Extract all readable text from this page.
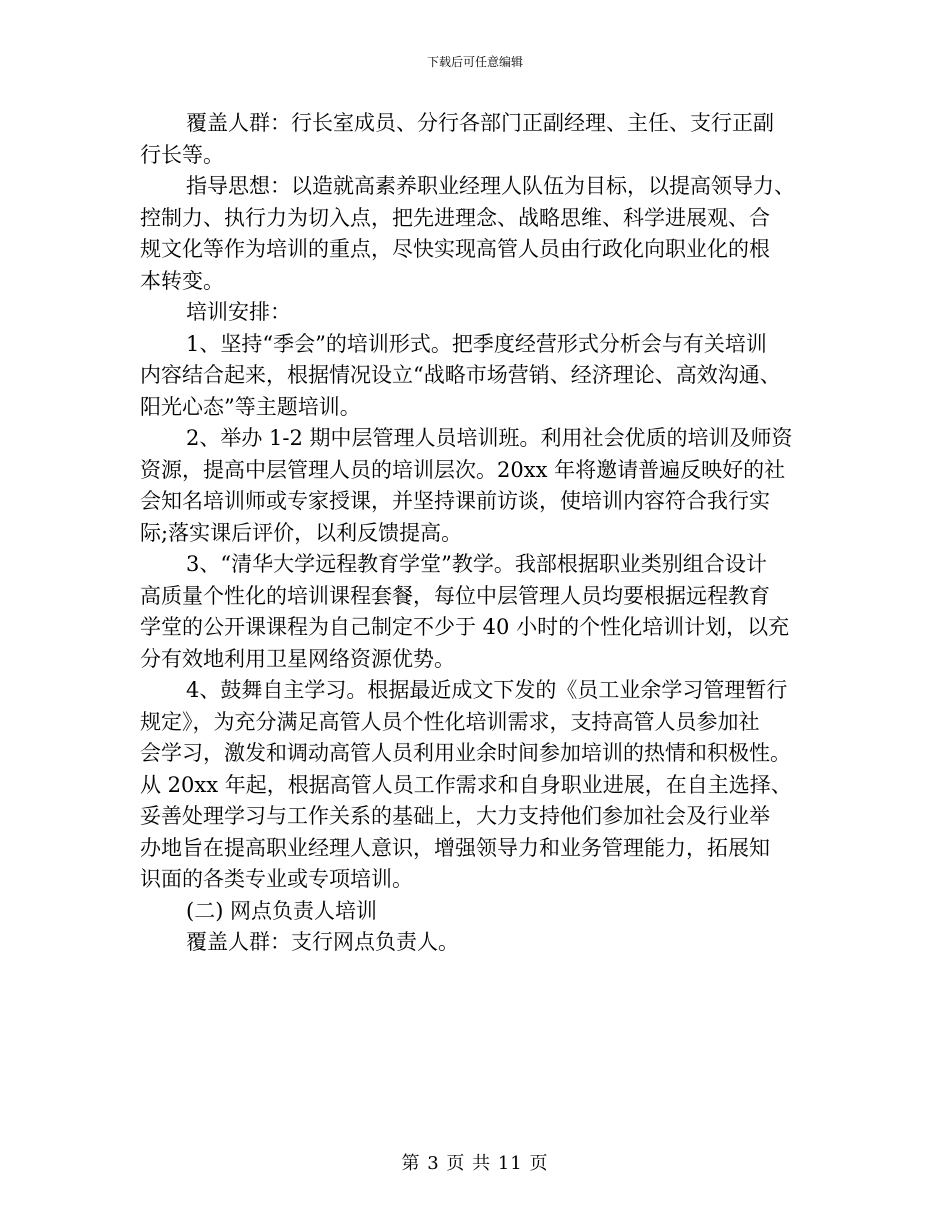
下载后可任意编辑

覆盖人群：行长室成员、分行各部门正副经理、主任、支行正副
行长等。

指导思想：以造就高素养职业经理人队伍为目标，以提高领导力、
控制力、执行力为切入点，把先进理念、战略思维、科学进展观、合
规文化等作为培训的重点，尽快实现高管人员由行政化向职业化的根
本转变。

培训安排：

1、坚持“季会”的培训形式。把季度经营形式分析会与有关培训
内容结合起来，根据情况设立“战略市场营销、经济理论、高效沟通、
阳光心态”等主题培训。

2、举办 1-2 期中层管理人员培训班。利用社会优质的培训及师资
资源，提高中层管理人员的培训层次。20xx 年将邀请普遍反映好的社
会知名培训师或专家授课，并坚持课前访谈，使培训内容符合我行实
际;落实课后评价，以利反馈提高。

3、“清华大学远程教育学堂”教学。我部根据职业类别组合设计
高质量个性化的培训课程套餐，每位中层管理人员均要根据远程教育
学堂的公开课课程为自己制定不少于 40 小时的个性化培训计划，以充
分有效地利用卫星网络资源优势。

4、鼓舞自主学习。根据最近成文下发的《员工业余学习管理暂行
规定》，为充分满足高管人员个性化培训需求，支持高管人员参加社
会学习，激发和调动高管人员利用业余时间参加培训的热情和积极性。
从 20xx 年起，根据高管人员工作需求和自身职业进展，在自主选择、
妥善处理学习与工作关系的基础上，大力支持他们参加社会及行业举
办地旨在提高职业经理人意识，增强领导力和业务管理能力，拓展知
识面的各类专业或专项培训。

(二) 网点负责人培训

覆盖人群：支行网点负责人。

第 3 页 共 11 页
